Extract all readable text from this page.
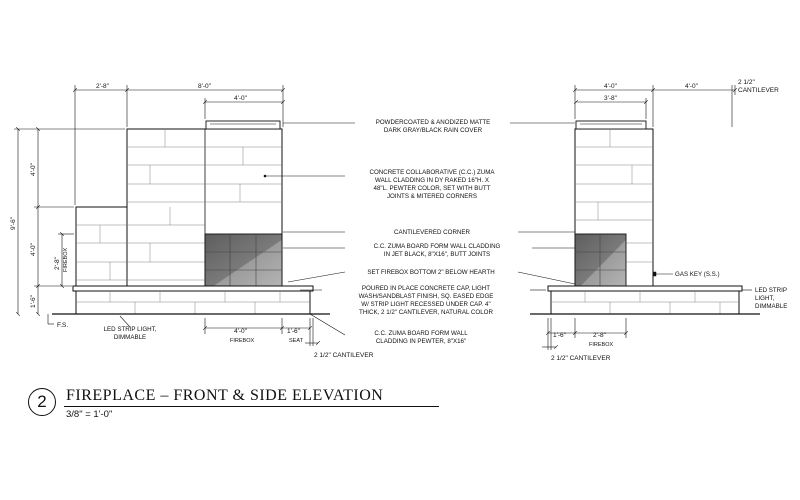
2'-8"	8'-0"
4'-0"
4'-0"
9'-6"
4'-0"
2'-8" FIREBOX
1'-6"
4'-0"
FIREBOX
1'-6"
SEAT
2 1/2" CANTILEVER
F.S.
4'-0"	4'-0"
2 1/2"
CANTILEVER
3'-8"
1'-6"	2'-8"
FIREBOX
2 1/2" CANTILEVER
POWDERCOATED & ANODIZED MATTE
DARK GRAY/BLACK RAIN COVER
CONCRETE COLLABORATIVE (C.C.) ZUMA
WALL CLADDING IN DY RAKED 16"H. X
48"L. PEWTER COLOR, SET WITH BUTT
JOINTS & MITERED CORNERS
CANTILEVERED CORNER
C.C. ZUMA BOARD FORM WALL CLADDING
IN JET BLACK, 8"X16", BUTT JOINTS
SET FIREBOX BOTTOM 2" BELOW HEARTH
POURED IN PLACE CONCRETE CAP, LIGHT
WASH/SANDBLAST FINISH, SQ. EASED EDGE
W/ STRIP LIGHT RECESSED UNDER CAP. 4"
THICK, 2 1/2" CANTILEVER, NATURAL COLOR
C.C. ZUMA BOARD FORM WALL
CLADDING IN PEWTER, 8"X16"
LED STRIP LIGHT,
DIMMABLE
LED STRIP
LIGHT,
DIMMABLE
GAS KEY (S.S.)
2	FIREPLACE – FRONT & SIDE ELEVATION
3/8" = 1'-0"
